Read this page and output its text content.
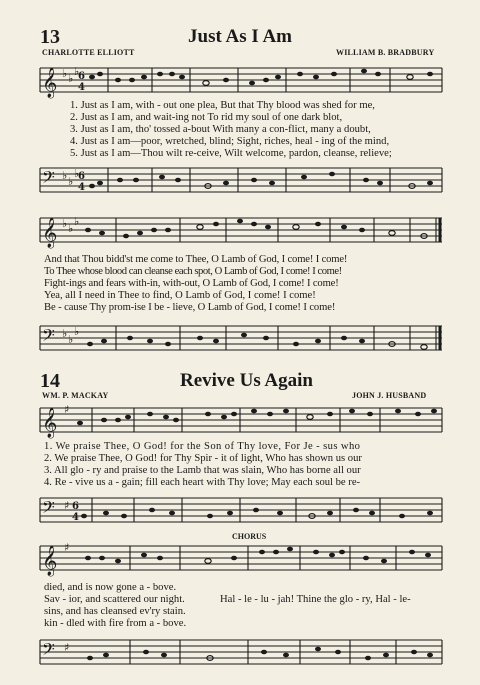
13	Just As I Am
CHARLOTTE ELLIOTT	WILLIAM B. BRADBURY
𝄞 ♭ ♭
♭
6
4
1. Just as I am, with - out one plea, But that Thy blood was shed for me,
2. Just as I am, and wait-ing not To rid my soul of one dark blot,
3. Just as I am, tho' tossed a-bout With many a con-flict, many a doubt,
4. Just as I am—poor, wretched, blind; Sight, riches, heal - ing of the mind,
5. Just as I am—Thou wilt re-ceive, Wilt welcome, pardon, cleanse, relieve;
𝄢 ♭ ♭
♭
6
4
𝄞 ♭ ♭
♭
And that Thou bidd'st me come to Thee, O Lamb of God, I come! I come!
To Thee whose blood can cleanse each spot, O Lamb of God, I come! I come!
Fight-ings and fears with-in, with-out, O Lamb of God, I come! I come!
Yea, all I need in Thee to find, O Lamb of God, I come! I come!
Be - cause Thy prom-ise I be - lieve, O Lamb of God, I come! I come!
𝄢 ♭ ♭
♭
14	Revive Us Again
WM. P. MACKAY	JOHN J. HUSBAND
𝄞 ♯
1. We praise Thee, O God! for the Son of Thy love, For Je - sus who
2. We praise Thee, O God! for Thy Spir - it of light, Who has shown us our
3. All glo - ry and praise to the Lamb that was slain, Who has borne all our
4. Re - vive us a - gain; fill each heart with Thy love; May each soul be re-
𝄢 ♯ 6
4
CHORUS
𝄞 ♯
died, and is now gone a - bove.
Sav - ior, and scattered our night.	Hal - le - lu - jah! Thine the glo - ry, Hal - le-
sins, and has cleansed ev'ry stain.
kin - dled with fire from a - bove.
𝄢 ♯
